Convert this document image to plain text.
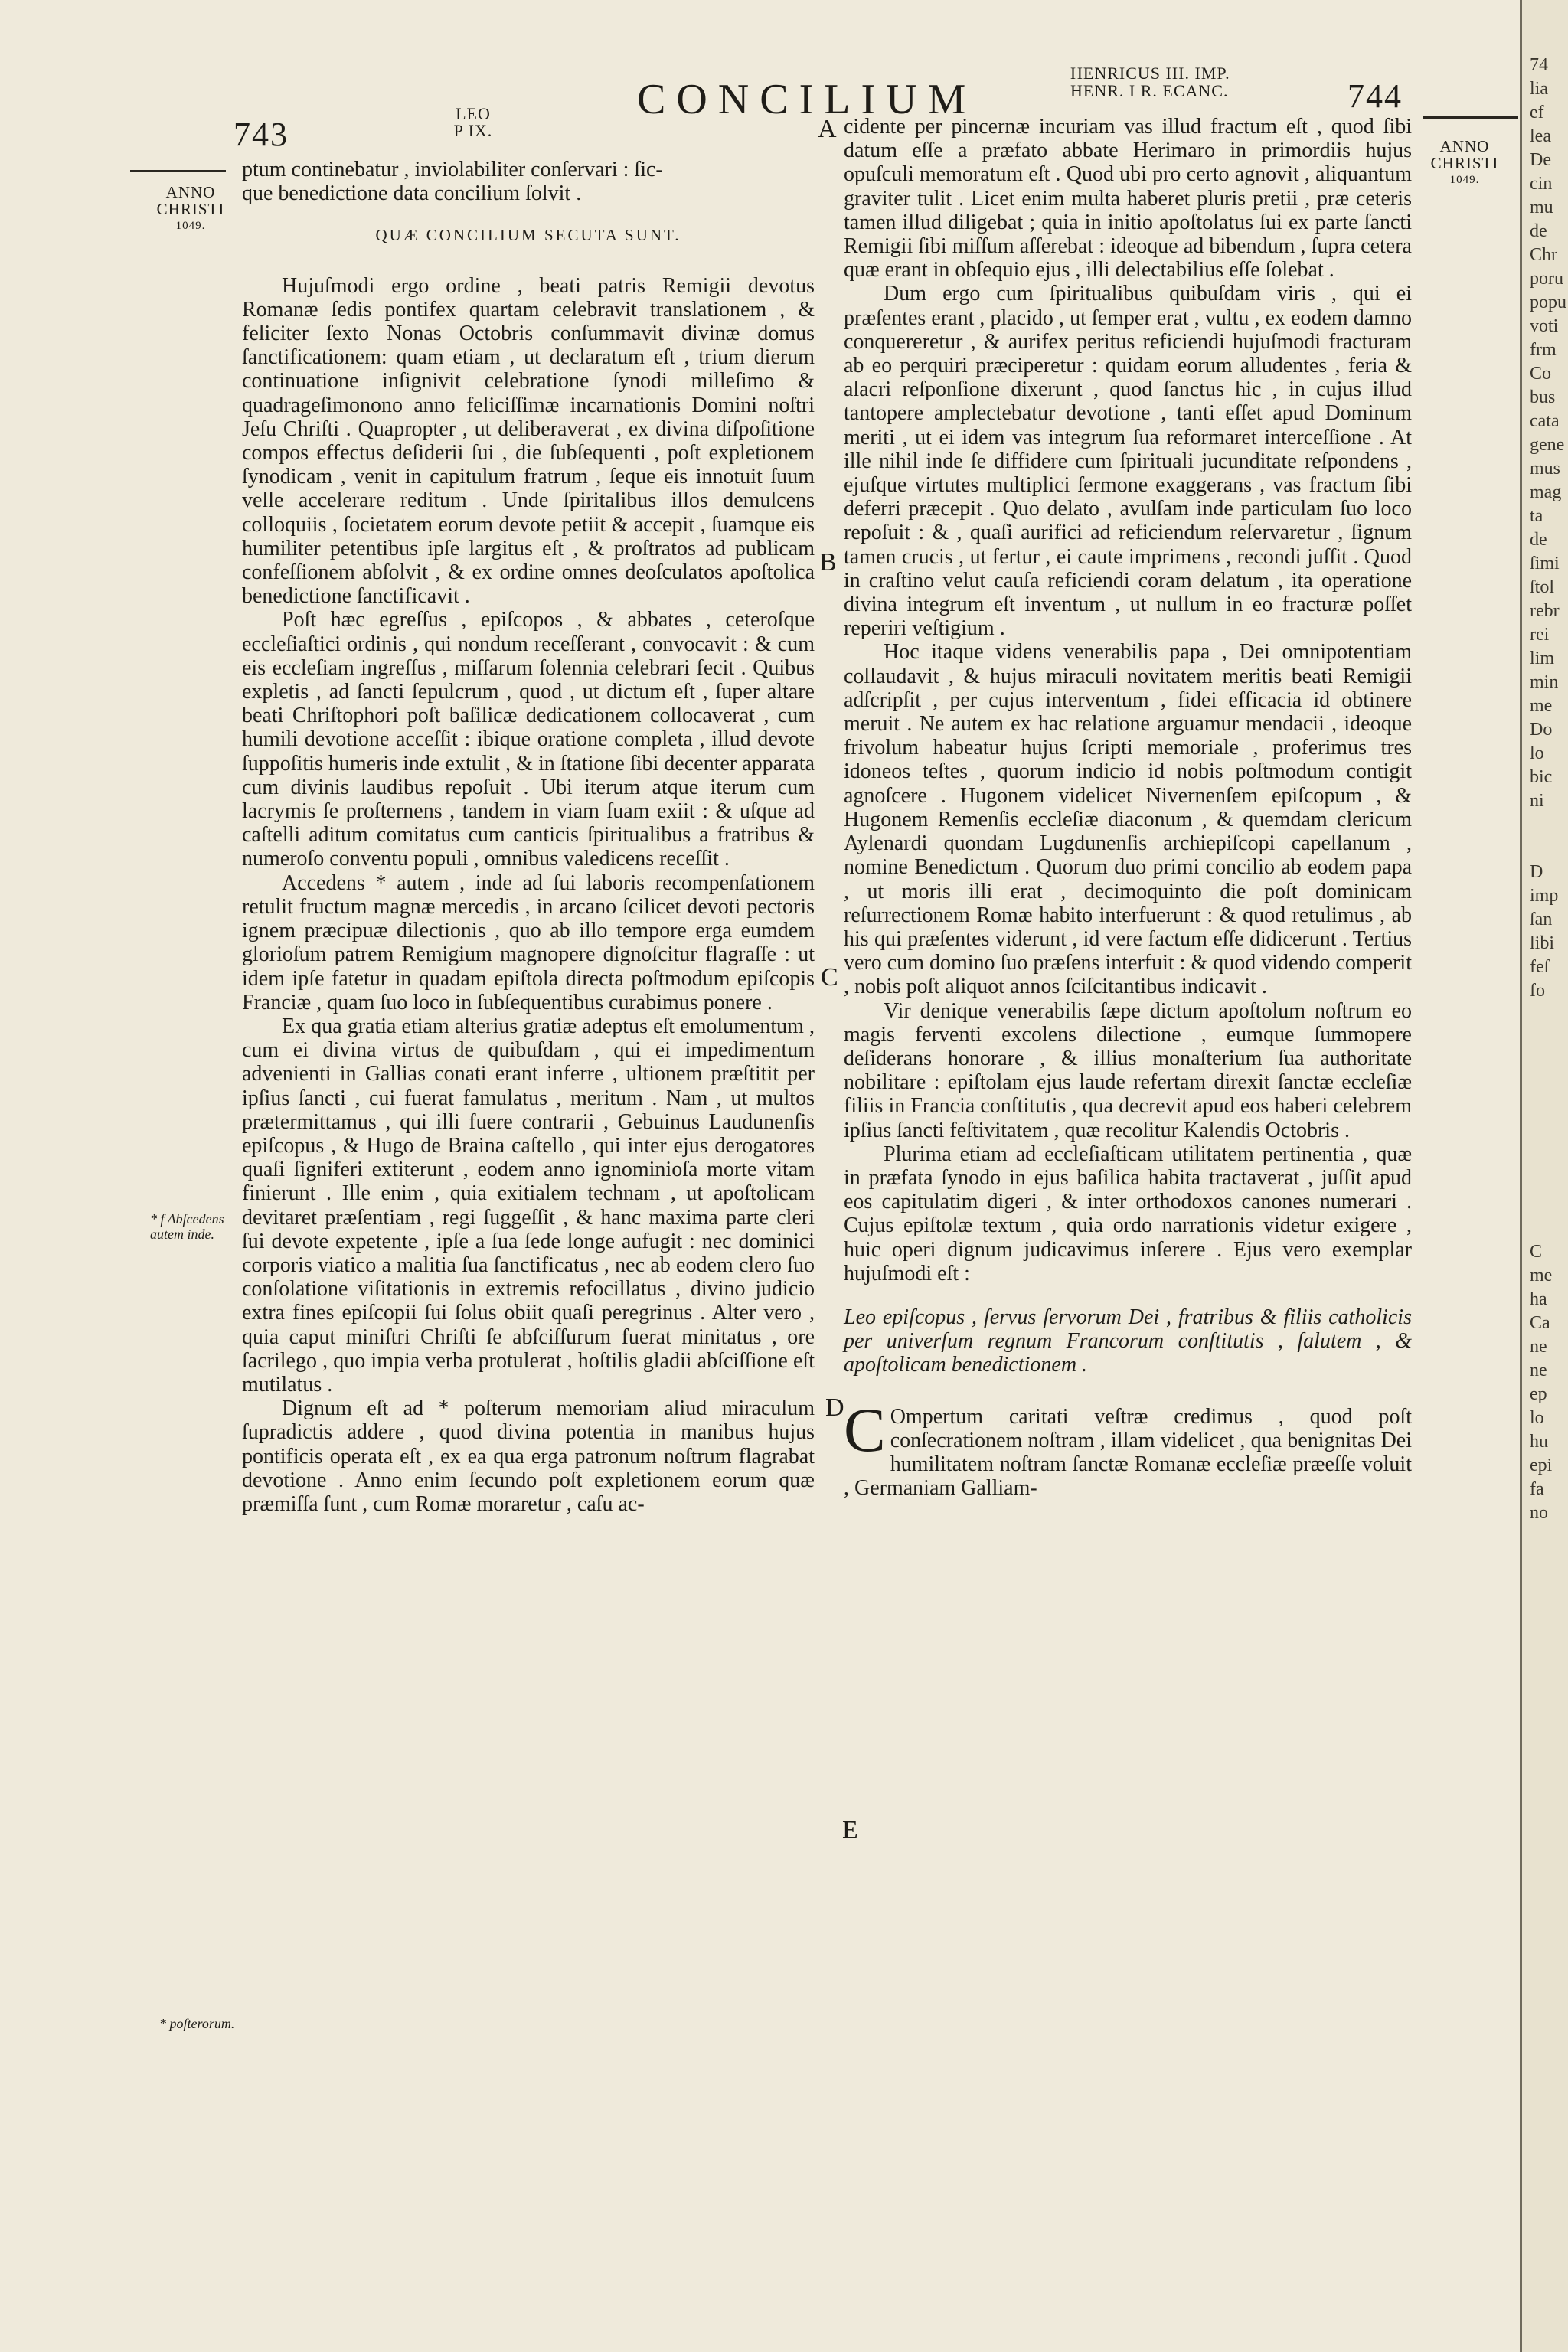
743
LEO
P IX.
CONCILIUM
HENRICUS III. IMP.
HENR. I R. ECANC.	744
ANNO
CHRISTI
1049.
ANNO
CHRISTI
1049.
* f Abſcedens
autem inde.
* poſterorum.
A
B
C
D
E

ptum continebatur , inviolabiliter conſervari : ſic-

que benedictione data concilium ſolvit .

QUÆ CONCILIUM SECUTA SUNT.

Hujuſmodi ergo ordine , beati patris Remigii devotus Romanæ ſedis pontifex quartam celebravit translationem , & feliciter ſexto Nonas Octobris conſummavit divinæ domus ſanctificationem: quam etiam , ut declaratum eſt , trium dierum continuatione inſignivit celebratione ſynodi milleſimo & quadrageſimonono anno feliciſſimæ incarnationis Domini noſtri Jeſu Chriſti . Quapropter , ut deliberaverat , ex divina diſpoſitione compos effectus deſiderii ſui , die ſubſequenti , poſt expletionem ſynodicam , venit in capitulum fratrum , ſeque eis innotuit ſuum velle accelerare reditum . Unde ſpiritalibus illos demulcens colloquiis , ſocietatem eorum devote petiit & accepit , ſuamque eis humiliter petentibus ipſe largitus eſt , & proſtratos ad publicam confeſſionem abſolvit , & ex ordine omnes deoſculatos apoſtolica benedictione ſanctificavit .

Poſt hæc egreſſus , epiſcopos , & abbates , ceteroſque eccleſiaſtici ordinis , qui nondum receſſerant , convocavit : & cum eis eccleſiam ingreſſus , miſſarum ſolennia celebrari fecit . Quibus expletis , ad ſancti ſepulcrum , quod , ut dictum eſt , ſuper altare beati Chriſtophori poſt baſilicæ dedicationem collocaverat , cum humili devotione acceſſit : ibique oratione completa , illud devote ſuppoſitis humeris inde extulit , & in ſtatione ſibi decenter apparata cum divinis laudibus repoſuit . Ubi iterum atque iterum cum lacrymis ſe proſternens , tandem in viam ſuam exiit : & uſque ad caſtelli aditum comitatus cum canticis ſpiritualibus a fratribus & numeroſo conventu populi , omnibus valedicens receſſit .

Accedens * autem , inde ad ſui laboris recompenſationem retulit fructum magnæ mercedis , in arcano ſcilicet devoti pectoris ignem præcipuæ dilectionis , quo ab illo tempore erga eumdem glorioſum patrem Remigium magnopere dignoſcitur flagraſſe : ut idem ipſe fatetur in quadam epiſtola directa poſtmodum epiſcopis Franciæ , quam ſuo loco in ſubſequentibus curabimus ponere .

Ex qua gratia etiam alterius gratiæ adeptus eſt emolumentum , cum ei divina virtus de quibuſdam , qui ei impedimentum advenienti in Gallias conati erant inferre , ultionem præſtitit per ipſius ſancti , cui fuerat famulatus , meritum . Nam , ut multos prætermittamus , qui illi fuere contrarii , Gebuinus Laudunenſis epiſcopus , & Hugo de Braina caſtello , qui inter ejus derogatores quaſi ſigniferi extiterunt , eodem anno ignominioſa morte vitam finierunt . Ille enim , quia exitialem technam , ut apoſtolicam devitaret præſentiam , regi ſuggeſſit , & hanc maxima parte cleri ſui devote expetente , ipſe a ſua ſede longe aufugit : nec dominici corporis viatico a malitia ſua ſanctificatus , nec ab eodem clero ſuo conſolatione viſitationis in extremis refocillatus , divino judicio extra fines epiſcopii ſui ſolus obiit quaſi peregrinus . Alter vero , quia caput miniſtri Chriſti ſe abſciſſurum fuerat minitatus , ore ſacrilego , quo impia verba protulerat , hoſtilis gladii abſciſſione eſt mutilatus .

Dignum eſt ad * poſterum memoriam aliud miraculum ſupradictis addere , quod divina potentia in manibus hujus pontificis operata eſt , ex ea qua erga patronum noſtrum flagrabat devotione . Anno enim ſecundo poſt expletionem eorum quæ præmiſſa ſunt , cum Romæ moraretur , caſu ac-

cidente per pincernæ incuriam vas illud fractum eſt , quod ſibi datum eſſe a præfato abbate Herimaro in primordiis hujus opuſculi memoratum eſt . Quod ubi pro certo agnovit , aliquantum graviter tulit . Licet enim multa haberet pluris pretii , præ ceteris tamen illud diligebat ; quia in initio apoſtolatus ſui ex parte ſancti Remigii ſibi miſſum aſſerebat : ideoque ad bibendum , ſupra cetera quæ erant in obſequio ejus , illi delectabilius eſſe ſolebat .

Dum ergo cum ſpiritualibus quibuſdam viris , qui ei præſentes erant , placido , ut ſemper erat , vultu , ex eodem damno conquereretur , & aurifex peritus reficiendi hujuſmodi fracturam ab eo perquiri præciperetur : quidam eorum alludentes , feria & alacri reſponſione dixerunt , quod ſanctus hic , in cujus illud tantopere amplectebatur devotione , tanti eſſet apud Dominum meriti , ut ei idem vas integrum ſua reformaret interceſſione . At ille nihil inde ſe diffidere cum ſpirituali jucunditate reſpondens , ejuſque virtutes multiplici ſermone exaggerans , vas fractum ſibi deferri præcepit . Quo delato , avulſam inde particulam ſuo loco repoſuit : & , quaſi aurifici ad reficiendum reſervaretur , ſignum tamen crucis , ut fertur , ei caute imprimens , recondi juſſit . Quod in craſtino velut cauſa reficiendi coram delatum , ita operatione divina integrum eſt inventum , ut nullum in eo fracturæ poſſet reperiri veſtigium .

Hoc itaque videns venerabilis papa , Dei omnipotentiam collaudavit , & hujus miraculi novitatem meritis beati Remigii adſcripſit , per cujus interventum , fidei efficacia id obtinere meruit . Ne autem ex hac relatione arguamur mendacii , ideoque frivolum habeatur hujus ſcripti memoriale , proferimus tres idoneos teſtes , quorum indicio id nobis poſtmodum contigit agnoſcere . Hugonem videlicet Nivernenſem epiſcopum , & Hugonem Remenſis eccleſiæ diaconum , & quemdam clericum Aylenardi quondam Lugdunenſis archiepiſcopi capellanum , nomine Benedictum . Quorum duo primi concilio ab eodem papa , ut moris illi erat , decimoquinto die poſt dominicam reſurrectionem Romæ habito interfuerunt : & quod retulimus , ab his qui præſentes viderunt , id vere factum eſſe didicerunt . Tertius vero cum domino ſuo præſens interfuit : & quod videndo comperit , nobis poſt aliquot annos ſciſcitantibus indicavit .

Vir denique venerabilis ſæpe dictum apoſtolum noſtrum eo magis ferventi excolens dilectione , eumque ſummopere deſiderans honorare , & illius monaſterium ſua authoritate nobilitare : epiſtolam ejus laude refertam direxit ſanctæ eccleſiæ filiis in Francia conſtitutis , qua decrevit apud eos haberi celebrem ipſius ſancti feſtivitatem , quæ recolitur Kalendis Octobris .

Plurima etiam ad eccleſiaſticam utilitatem pertinentia , quæ in præfata ſynodo in ejus baſilica habita tractaverat , juſſit apud eos capitulatim digeri , & inter orthodoxos canones numerari . Cujus epiſtolæ textum , quia ordo narrationis videtur exigere , huic operi dignum judicavimus inſerere . Ejus vero exemplar hujuſmodi eſt :

Leo epiſcopus , ſervus ſervorum Dei , fratribus & filiis catholicis per univerſum regnum Francorum conſtitutis , ſalutem , & apoſtolicam benedictionem .

C Ompertum caritati veſtræ credimus , quod poſt conſecrationem noſtram , illam videlicet , qua benignitas Dei humilitatem noſtram ſanctæ Romanæ eccleſiæ præeſſe voluit , Germaniam Galliam-

74
lia
ef
lea
De
cin
mu
de
Chr
poru
popu
voti
frm
Co
bus
cata
gene
mus
mag
ta
de
ſimi
ſtol
rebr
rei
lim
min
me
Do
lo
bic
ni

D
imp
ſan
libi
feſ
fo

C
me
ha
Ca
ne
ne
ep
lo
hu
epi
fa
no
